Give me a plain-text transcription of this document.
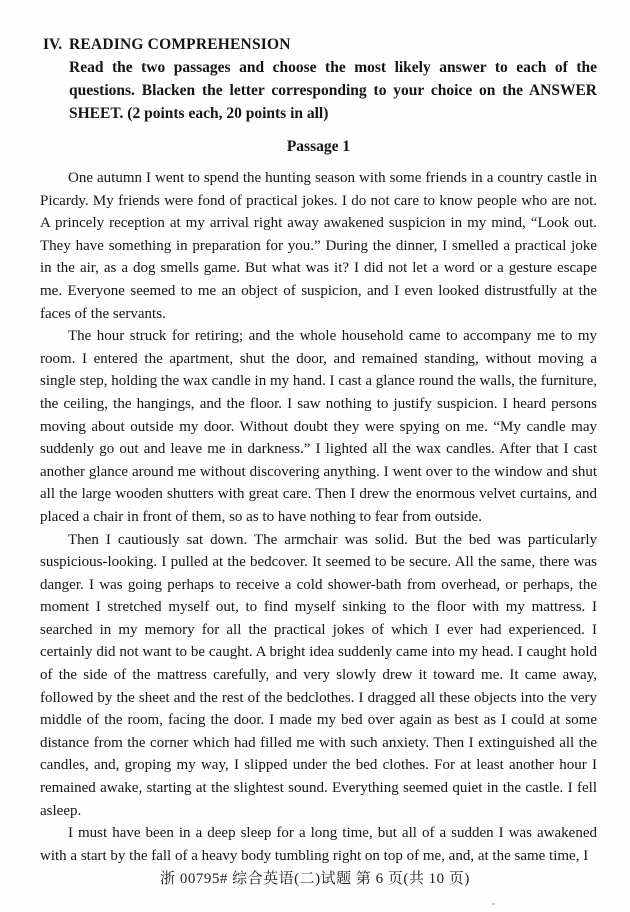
IV. READING COMPREHENSION

Read the two passages and choose the most likely answer to each of the questions. Blacken the letter corresponding to your choice on the ANSWER SHEET. (2 points each, 20 points in all)

Passage 1

One autumn I went to spend the hunting season with some friends in a country castle in Picardy. My friends were fond of practical jokes. I do not care to know people who are not. A princely reception at my arrival right away awakened suspicion in my mind, “Look out. They have something in preparation for you.” During the dinner, I smelled a practical joke in the air, as a dog smells game. But what was it? I did not let a word or a gesture escape me. Everyone seemed to me an object of suspicion, and I even looked distrustfully at the faces of the servants.

The hour struck for retiring; and the whole household came to accompany me to my room. I entered the apartment, shut the door, and remained standing, without moving a single step, holding the wax candle in my hand. I cast a glance round the walls, the furniture, the ceiling, the hangings, and the floor. I saw nothing to justify suspicion. I heard persons moving about outside my door. Without doubt they were spying on me. “My candle may suddenly go out and leave me in darkness.” I lighted all the wax candles. After that I cast another glance around me without discovering anything. I went over to the window and shut all the large wooden shutters with great care. Then I drew the enormous velvet curtains, and placed a chair in front of them, so as to have nothing to fear from outside.

Then I cautiously sat down. The armchair was solid. But the bed was particularly suspicious-looking. I pulled at the bedcover. It seemed to be secure. All the same, there was danger. I was going perhaps to receive a cold shower-bath from overhead, or perhaps, the moment I stretched myself out, to find myself sinking to the floor with my mattress. I searched in my memory for all the practical jokes of which I ever had experienced. I certainly did not want to be caught. A bright idea suddenly came into my head. I caught hold of the side of the mattress carefully, and very slowly drew it toward me. It came away, followed by the sheet and the rest of the bedclothes. I dragged all these objects into the very middle of the room, facing the door. I made my bed over again as best as I could at some distance from the corner which had filled me with such anxiety. Then I extinguished all the candles, and, groping my way, I slipped under the bed clothes. For at least another hour I remained awake, starting at the slightest sound. Everything seemed quiet in the castle. I fell asleep.

I must have been in a deep sleep for a long time, but all of a sudden I was awakened with a start by the fall of a heavy body tumbling right on top of me, and, at the same time, I

浙 00795# 综合英语(二)试题 第 6 页(共 10 页)
